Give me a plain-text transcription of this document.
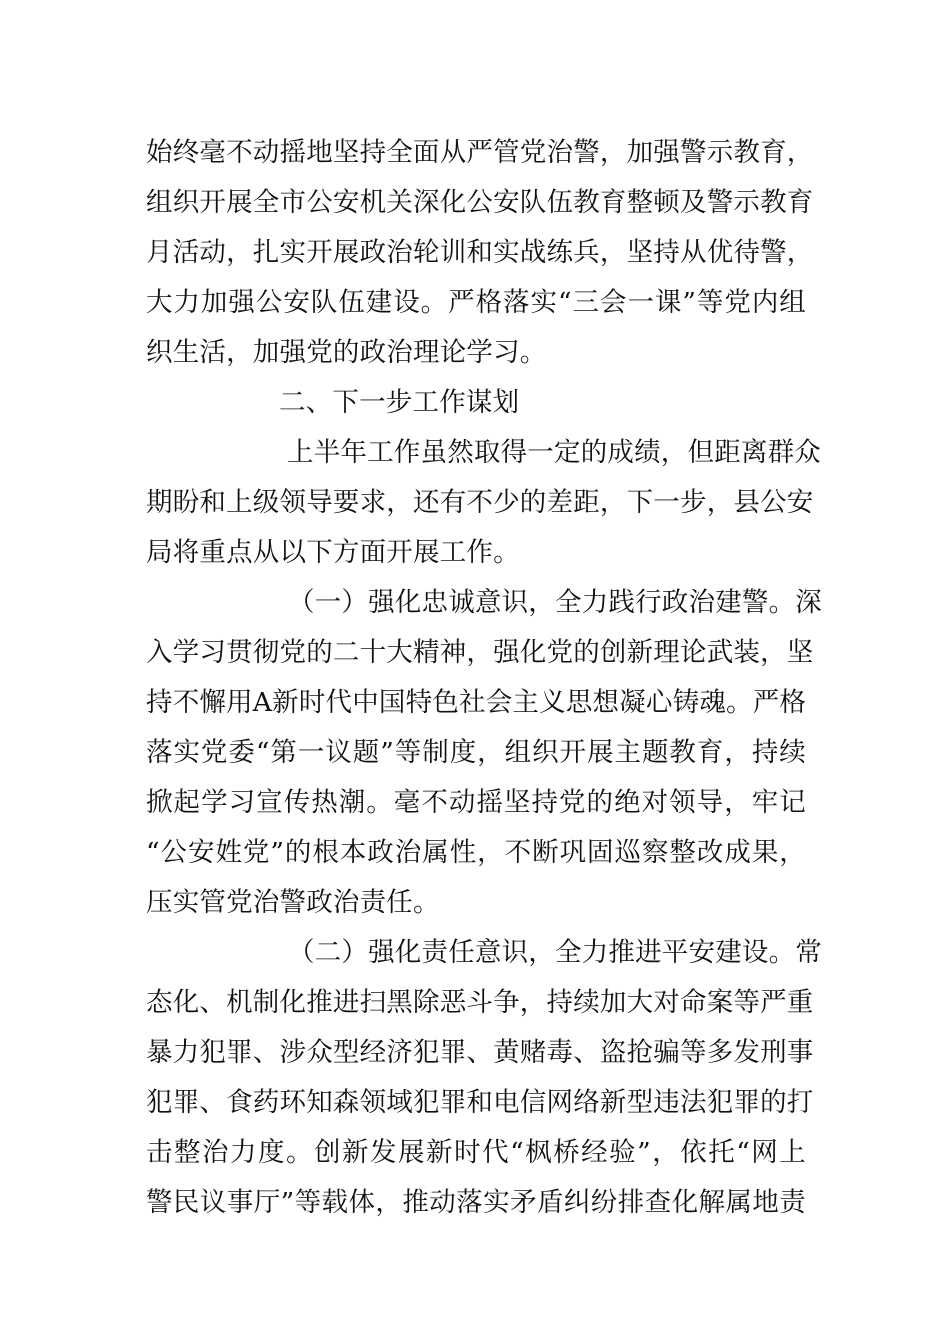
始终毫不动摇地坚持全面从严管党治警，加强警示教育，
组织开展全市公安机关深化公安队伍教育整顿及警示教育
月活动，扎实开展政治轮训和实战练兵，坚持从优待警，
大力加强公安队伍建设。严格落实“三会一课”等党内组
织生活，加强党的政治理论学习。
二、下一步工作谋划
上半年工作虽然取得一定的成绩，但距离群众
期盼和上级领导要求，还有不少的差距，下一步，县公安
局将重点从以下方面开展工作。
（一）强化忠诚意识，全力践行政治建警。深
入学习贯彻党的二十大精神，强化党的创新理论武装，坚
持不懈用A新时代中国特色社会主义思想凝心铸魂。严格
落实党委“第一议题”等制度，组织开展主题教育，持续
掀起学习宣传热潮。毫不动摇坚持党的绝对领导，牢记
“公安姓党”的根本政治属性，不断巩固巡察整改成果，
压实管党治警政治责任。
（二）强化责任意识，全力推进平安建设。常
态化、机制化推进扫黑除恶斗争，持续加大对命案等严重
暴力犯罪、涉众型经济犯罪、黄赌毒、盗抢骗等多发刑事
犯罪、食药环知森领域犯罪和电信网络新型违法犯罪的打
击整治力度。创新发展新时代“枫桥经验”，依托“网上
警民议事厅”等载体，推动落实矛盾纠纷排查化解属地责
